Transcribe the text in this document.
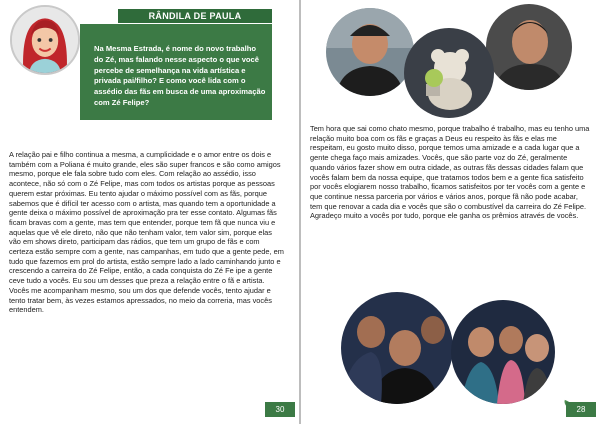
RÂNDILA DE PAULA
Na Mesma Estrada, é nome do novo trabalho do Zé, mas falando nesse aspecto o que você percebe de semelhança na vida artística e privada pai/filho? E como você lida com o assédio das fãs em busca de uma aproximação com Zé Felipe?

A relação pai e filho continua a mesma, a cumplicidade e o amor entre os dois e também com a Poliana é muito grande, eles são super francos e são como amigos mesmo, porque ele fala sobre tudo com eles. Com relação ao assédio, isso acontece, não só com o Zé Felipe, mas com todos os artistas porque as pessoas querem estar próximas. Eu tento ajudar o máximo possível com as fãs, porque sabemos que é difícil ter acesso com o artista, mas quando tem a oportunidade a gente deixa o máximo possível de aproximação pra ter esse contato. Algumas fãs ficam bravas com a gente, mas tem que entender, porque tem fã que nunca viu e aquelas que vê ele direto, não que não tenham valor, tem valor sim, porque elas vão em shows direto, participam das rádios, que tem um grupo de fãs e com certeza estão sempre com a gente, nas campanhas, em tudo que a gente pede, em tudo que fazemos em prol do artista, estão sempre lado a lado caminhando junto e crescendo a carreira do Zé Felipe, então, a cada conquista do Zé Fe ipe a gente ceve tudo a vocês. Eu sou um desses que preza a relação entre o fã e artista. Vocês me acompanham mesmo, sou um dos que defende vocês, tento ajudar e tento tratar bem, às vezes estamos apressados, no meio da correria, mas vocês entendem.

30

Tem hora que sai como chato mesmo, porque trabalho é trabalho, mas eu tenho uma relação muito boa com os fãs e graças a Deus eu respeito às fãs e elas me respeitam, eu gosto muito disso, porque temos uma amizade e a cada lugar que a gente chega faço mais amizades. Vocês, que são parte voz do Zé, geralmente quando vários fazer show em outra cidade, as outras fãs dessas cidades falam que vocês falam bem da nossa equipe, que tratamos todos bem e a gente fica satisfeito por vocês elogiarem nosso trabalho, ficamos satisfeitos por ter vocês com a gente e que continue nessa parceria por vários e vários anos, porque fã não pode acabar, tem que renovar a cada dia e vocês que são o combustível da carreira do Zé Felipe. Agradeço muito a vocês por tudo, porque ele ganha os prêmios através de vocês.

28
